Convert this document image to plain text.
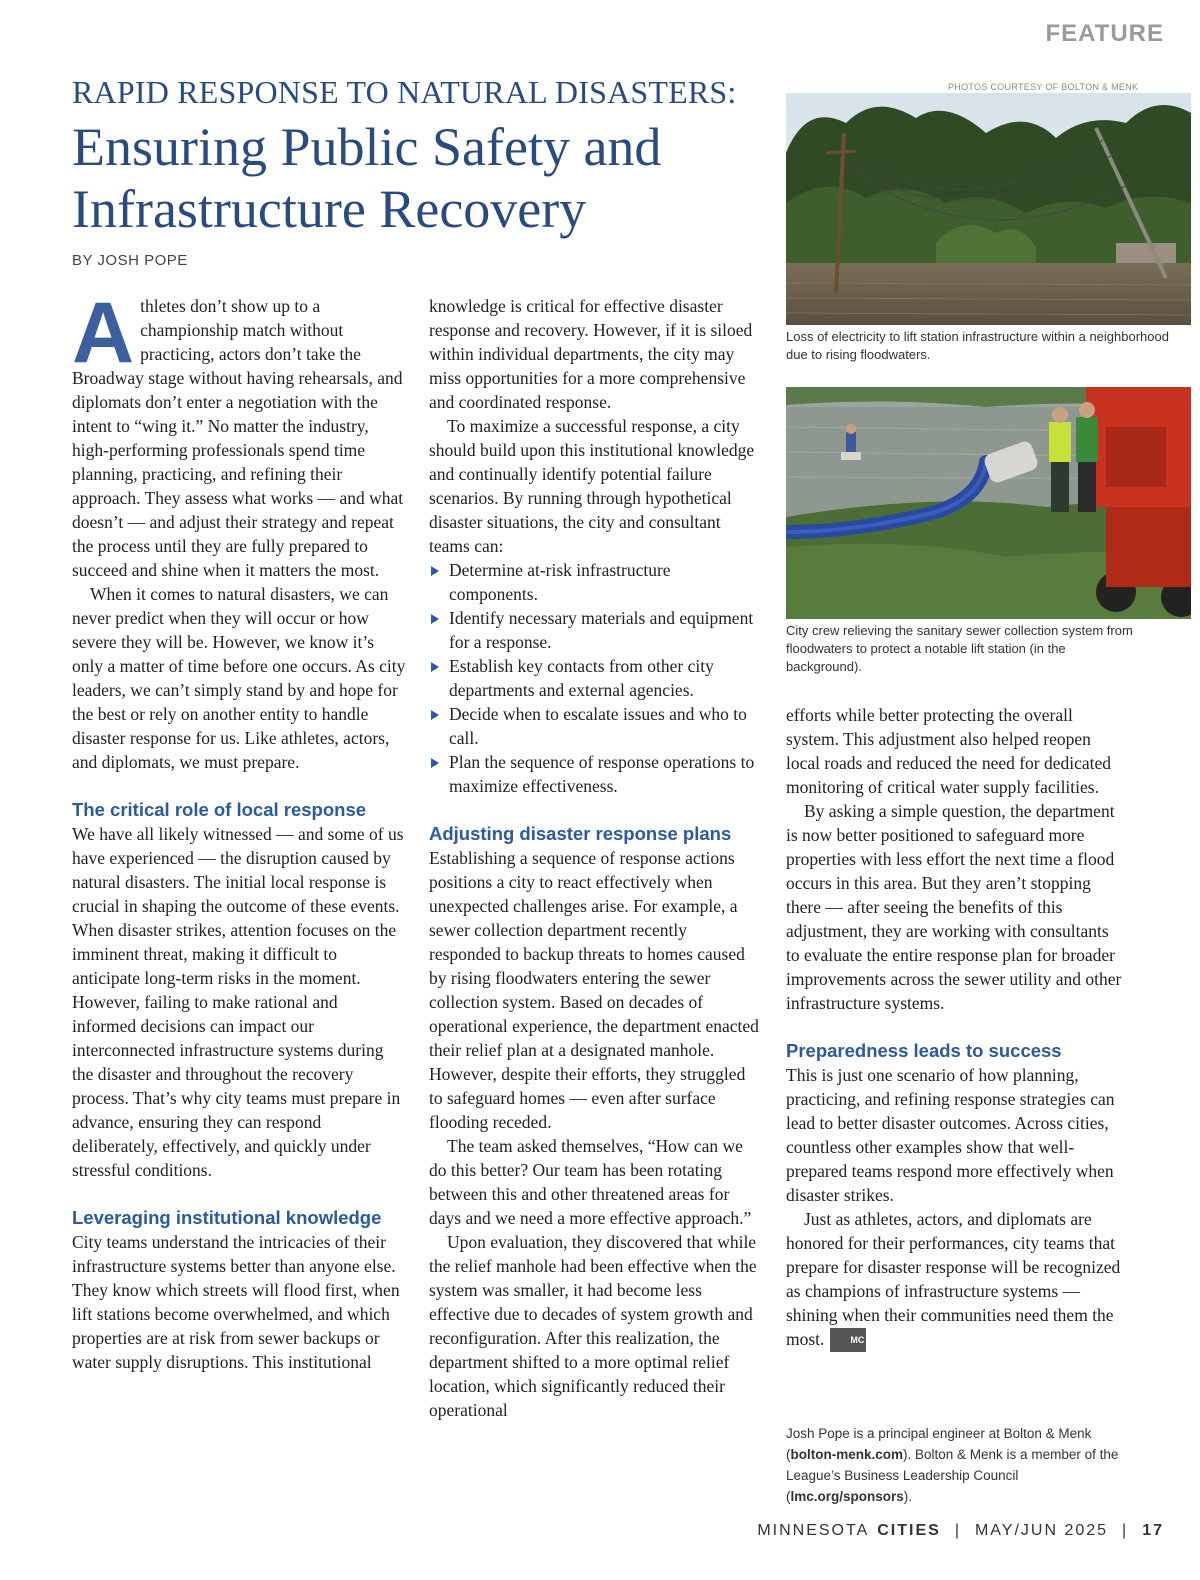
FEATURE
RAPID RESPONSE TO NATURAL DISASTERS:
Ensuring Public Safety and Infrastructure Recovery
BY JOSH POPE
A thletes don’t show up to a championship match without practicing, actors don’t take the Broadway stage without having rehearsals, and diplomats don’t enter a negotiation with the intent to “wing it.” No matter the industry, high-performing professionals spend time planning, practicing, and refining their approach. They assess what works — and what doesn’t — and adjust their strategy and repeat the process until they are fully prepared to succeed and shine when it matters the most.

When it comes to natural disasters, we can never predict when they will occur or how severe they will be. However, we know it’s only a matter of time before one occurs. As city leaders, we can’t simply stand by and hope for the best or rely on another entity to handle disaster response for us. Like athletes, actors, and diplomats, we must prepare.

The critical role of local response

We have all likely witnessed — and some of us have experienced — the disruption caused by natural disasters. The initial local response is crucial in shaping the outcome of these events. When disaster strikes, attention focuses on the imminent threat, making it difficult to anticipate long-term risks in the moment. However, failing to make rational and informed decisions can impact our interconnected infrastructure systems during the disaster and throughout the recovery process. That’s why city teams must prepare in advance, ensuring they can respond deliberately, effectively, and quickly under stressful conditions.

Leveraging institutional knowledge

City teams understand the intricacies of their infrastructure systems better than anyone else. They know which streets will flood first, when lift stations become overwhelmed, and which properties are at risk from sewer backups or water supply disruptions. This institutional

knowledge is critical for effective disaster response and recovery. However, if it is siloed within individual departments, the city may miss opportunities for a more comprehensive and coordinated response.

To maximize a successful response, a city should build upon this institutional knowledge and continually identify potential failure scenarios. By running through hypothetical disaster situations, the city and consultant teams can:

Determine at-risk infrastructure components.
Identify necessary materials and equipment for a response.
Establish key contacts from other city departments and external agencies.
Decide when to escalate issues and who to call.
Plan the sequence of response operations to maximize effectiveness.
Adjusting disaster response plans

Establishing a sequence of response actions positions a city to react effectively when unexpected challenges arise. For example, a sewer collection department recently responded to backup threats to homes caused by rising floodwaters entering the sewer collection system. Based on decades of operational experience, the department enacted their relief plan at a designated manhole. However, despite their efforts, they struggled to safeguard homes — even after surface flooding receded.

The team asked themselves, “How can we do this better? Our team has been rotating between this and other threatened areas for days and we need a more effective approach.”

Upon evaluation, they discovered that while the relief manhole had been effective when the system was smaller, it had become less effective due to decades of system growth and reconfiguration. After this realization, the department shifted to a more optimal relief location, which significantly reduced their operational

PHOTOS COURTESY OF BOLTON & MENK
Loss of electricity to lift station infrastructure within a neighborhood due to rising floodwaters.
City crew relieving the sanitary sewer collection system from floodwaters to protect a notable lift station (in the background).

efforts while better protecting the overall system. This adjustment also helped reopen local roads and reduced the need for dedicated monitoring of critical water supply facilities.

By asking a simple question, the department is now better positioned to safeguard more properties with less effort the next time a flood occurs in this area. But they aren’t stopping there — after seeing the benefits of this adjustment, they are working with consultants to evaluate the entire response plan for broader improvements across the sewer utility and other infrastructure systems.

Preparedness leads to success

This is just one scenario of how planning, practicing, and refining response strategies can lead to better disaster outcomes. Across cities, countless other examples show that well-prepared teams respond more effectively when disaster strikes.

Just as athletes, actors, and diplomats are honored for their performances, city teams that prepare for disaster response will be recognized as champions of infrastructure systems — shining when their communities need them the most.	MC

Josh Pope is a principal engineer at Bolton & Menk (bolton-menk.com). Bolton & Menk is a member of the League’s Business Leadership Council (lmc.org/sponsors).
MINNESOTA CITIES | MAY/JUN 2025 | 17
